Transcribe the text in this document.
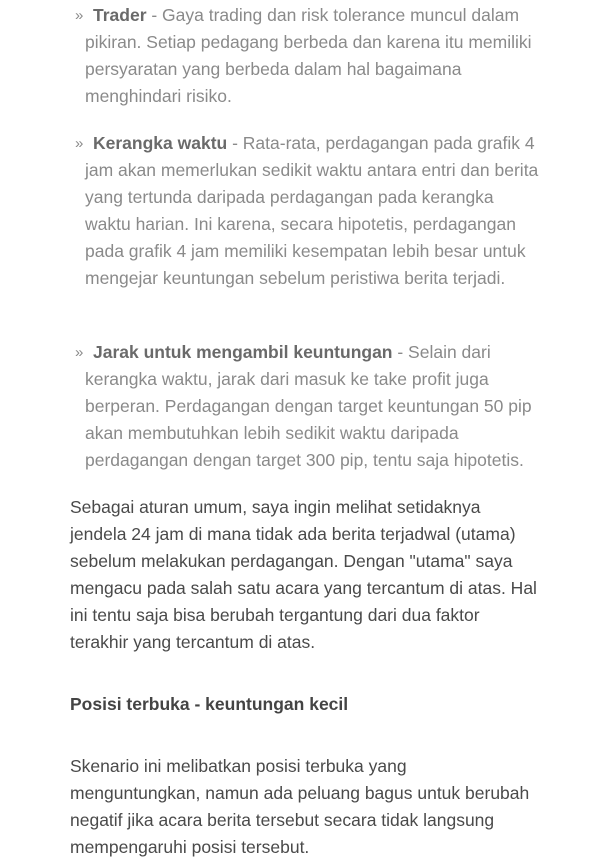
» Trader - Gaya trading dan risk tolerance muncul dalam pikiran. Setiap pedagang berbeda dan karena itu memiliki persyaratan yang berbeda dalam hal bagaimana menghindari risiko.
» Kerangka waktu - Rata-rata, perdagangan pada grafik 4 jam akan memerlukan sedikit waktu antara entri dan berita yang tertunda daripada perdagangan pada kerangka waktu harian. Ini karena, secara hipotetis, perdagangan pada grafik 4 jam memiliki kesempatan lebih besar untuk mengejar keuntungan sebelum peristiwa berita terjadi.
» Jarak untuk mengambil keuntungan - Selain dari kerangka waktu, jarak dari masuk ke take profit juga berperan. Perdagangan dengan target keuntungan 50 pip akan membutuhkan lebih sedikit waktu daripada perdagangan dengan target 300 pip, tentu saja hipotetis.

Sebagai aturan umum, saya ingin melihat setidaknya jendela 24 jam di mana tidak ada berita terjadwal (utama) sebelum melakukan perdagangan. Dengan "utama" saya mengacu pada salah satu acara yang tercantum di atas. Hal ini tentu saja bisa berubah tergantung dari dua faktor terakhir yang tercantum di atas.

Posisi terbuka - keuntungan kecil

Skenario ini melibatkan posisi terbuka yang menguntungkan, namun ada peluang bagus untuk berubah negatif jika acara berita tersebut secara tidak langsung mempengaruhi posisi tersebut.
